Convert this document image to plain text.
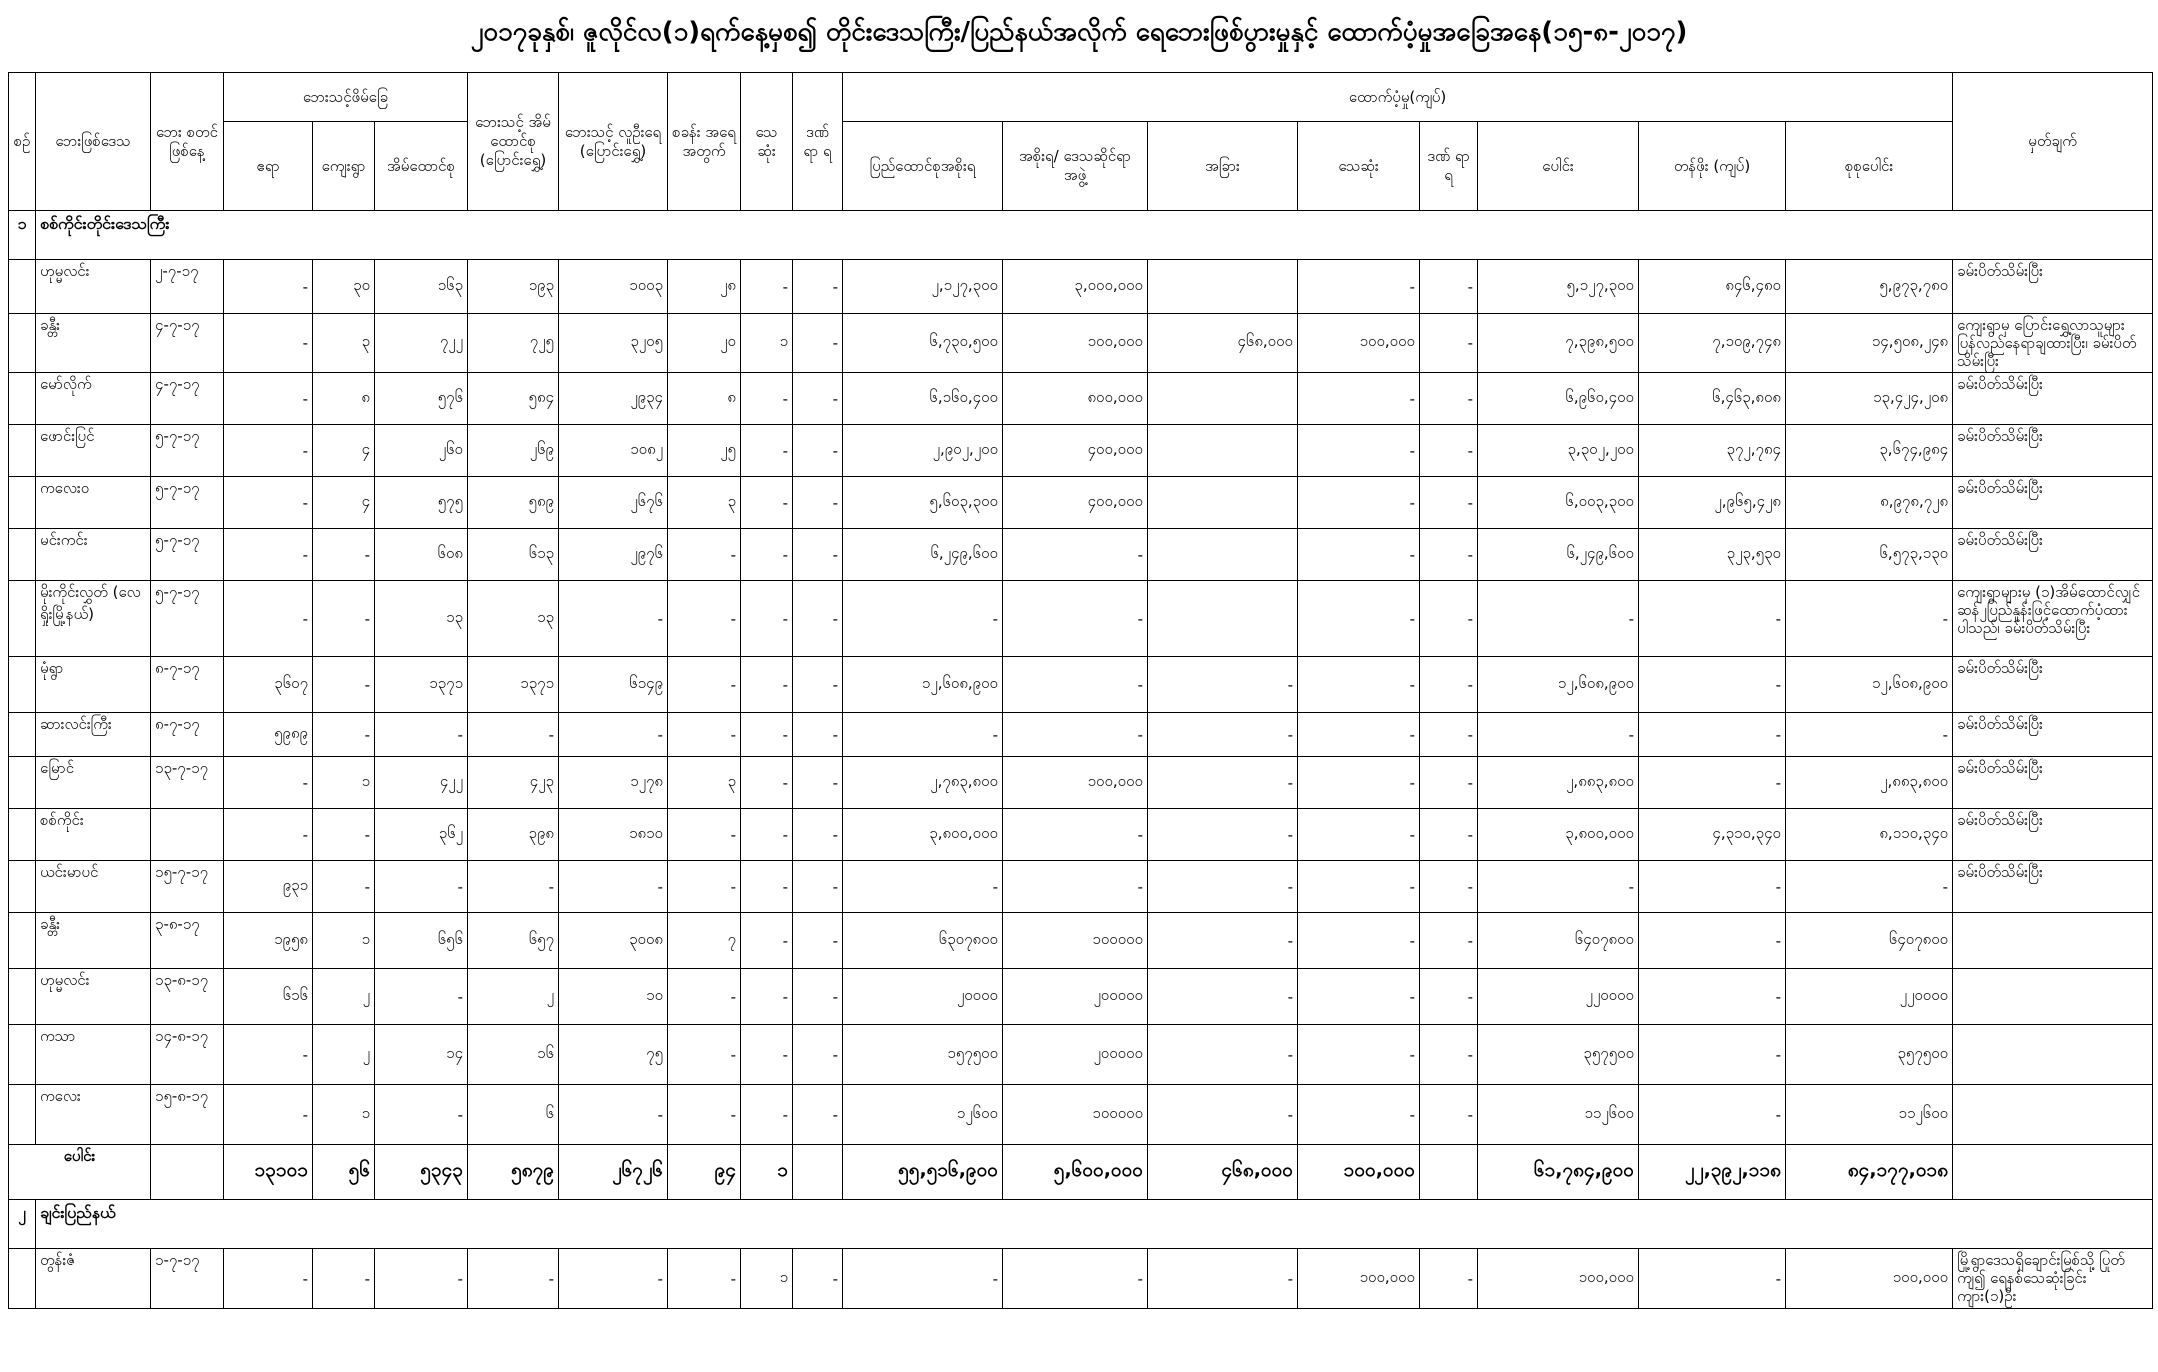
၂၀၁၇ခုနှစ်၊ ဇူလိုင်လ(၁)ရက်နေ့မှစ၍ တိုင်းဒေသကြီး/ပြည်နယ်အလိုက် ရေဘေးဖြစ်ပွားမှုနှင့် ထောက်ပံ့မှုအခြေအနေ(၁၅-၈-၂၀၁၇)
စဉ်	ဘေးဖြစ်ဒေသ	ဘေး စတင် ဖြစ်နေ့	ဘေးသင့်ဖိမ်ခြေ			ဘေးသင့် အိမ် ထောင်စု (ပြောင်းရွှေ့)	ဘေးသင့် လူဦးရေ (ပြောင်းရွှေ့)	စခန်း အရေ အတွက်	သေ ဆုံး	ဒဏ် ရာ ရ	ထောက်ပံ့မှု(ကျပ်)								မှတ်ချက်
			ဧရာ	ကျေးရွာ	အိမ်ထောင်စု						ပြည်ထောင်စုအစိုးရ	အစိုးရ/ ဒေသဆိုင်ရာ အဖွဲ့	အခြား	သေဆုံး	ဒဏ် ရာ ရ	ပေါင်း	တန်ဖိုး (ကျပ်)	စုစုပေါင်း	
၁	စစ်ကိုင်းတိုင်းဒေသကြီး																		
	ဟုမ္မလင်း	၂-၇-၁၇	-	၃၀	၁၆၃	၁၉၃	၁၀၀၃	၂၈	-	-	၂,၁၂၇,၃၀၀	၃,၀၀၀,၀၀၀		-	-	၅,၁၂၇,၃၀၀	၈၄၆,၄၈၀	၅,၉၇၃,၇၈၀	ခမ်းပိတ်သိမ်းပြီး
	ခန္တီး	၄-၇-၁၇	-	၃	၇၂၂	၇၂၅	၃၂၀၅	၂၀	၁	-	၆,၇၃၀,၅၀၀	၁၀၀,၀၀၀	၄၆၈,၀၀၀	၁၀၀,၀၀၀	-	၇,၃၉၈,၅၀၀	၇,၁၀၉,၇၄၈	၁၄,၅၀၈,၂၄၈	ကျေးရွာမှ ပြောင်းရွှေ့လာသူများ ပြန်လည်နေရာချထားပြီး၊ ခမ်းပိတ်သိမ်းပြီး
	မော်လိုက်	၄-၇-၁၇	-	၈	၅၇၆	၅၈၄	၂၉၃၄	၈	-	-	၆,၁၆၀,၄၀၀	၈၀၀,၀၀၀		-	-	၆,၉၆၀,၄၀၀	၆,၄၆၃,၈၀၈	၁၃,၄၂၄,၂၀၈	ခမ်းပိတ်သိမ်းပြီး
	ဖောင်းပြင်	၅-၇-၁၇	-	၄	၂၆၀	၂၆၉	၁၀၈၂	၂၅	-	-	၂,၉၀၂,၂၀၀	၄၀၀,၀၀၀		-	-	၃,၃၀၂,၂၀၀	၃၇၂,၇၈၄	၃,၆၇၄,၉၈၄	ခမ်းပိတ်သိမ်းပြီး
	ကလေးဝ	၅-၇-၁၇	-	၄	၅၇၅	၅၈၉	၂၆၇၆	၃	-	-	၅,၆၀၃,၃၀၀	၄၀၀,၀၀၀		-	-	၆,၀၀၃,၃၀၀	၂,၉၆၅,၄၂၈	၈,၉၇၈,၇၂၈	ခမ်းပိတ်သိမ်းပြီး
	မင်းကင်း	၅-၇-၁၇	-	-	၆၀၈	၆၁၃	၂၉၇၆	-	-	-	၆,၂၄၉,၆၀၀	-		-	-	၆,၂၄၉,၆၀၀	၃၂၃,၅၃၀	၆,၅၇၃,၁၃၀	ခမ်းပိတ်သိမ်းပြီး
	မိုးကိုင်းလွှတ် (လေရှိုးမြို့နယ်)	၅-၇-၁၇	-	-	၁၃	၁၃	-	-	-	-	-	-		-	-	-	-	-	ကျေးရွာများမှ (၁)အိမ်ထောင်လျှင် ဆန်၂ပြည်နှုန်းဖြင့်ထောက်ပံ့ထားပါသည်၊ ခမ်းပိတ်သိမ်းပြီး
	မုံရွာ	၈-၇-၁၇	၃၆၀၇	-	၁၃၇၁	၁၃၇၁	၆၁၄၉	-	-	-	၁၂,၆၀၈,၉၀၀	-	-	-	-	၁၂,၆၀၈,၉၀၀	-	၁၂,၆၀၈,၉၀၀	ခမ်းပိတ်သိမ်းပြီး
	ဆားလင်းကြီး	၈-၇-၁၇	၅၉၈၉	-	-	-	-	-	-	-	-	-	-	-	-	-	-	-	ခမ်းပိတ်သိမ်းပြီး
	မြောင်	၁၃-၇-၁၇	-	၁	၄၂၂	၄၂၃	၁၂၇၈	၃	-	-	၂,၇၈၃,၈၀၀	၁၀၀,၀၀၀	-	-	-	၂,၈၈၃,၈၀၀	-	၂,၈၈၃,၈၀၀	ခမ်းပိတ်သိမ်းပြီး
	စစ်ကိုင်း		-	-	၃၆၂	၃၉၈	၁၈၁၀	-	-	-	၃,၈၀၀,၀၀၀	-	-	-	-	၃,၈၀၀,၀၀၀	၄,၃၁၀,၃၄၀	၈,၁၁၀,၃၄၀	ခမ်းပိတ်သိမ်းပြီး
	ယင်းမာပင်	၁၅-၇-၁၇	၉၃၁	-	-	-	-	-	-	-	-	-	-	-	-	-	-	-	ခမ်းပိတ်သိမ်းပြီး
	ခန္တီး	၃-၈-၁၇	၁၉၅၈	၁	၆၅၆	၆၅၇	၃၀၀၈	၇	-	-	၆၃၀၇၈၀၀	၁၀၀၀၀၀	-	-	-	၆၄၀၇၈၀၀	-	၆၄၀၇၈၀၀	
	ဟုမ္မလင်း	၁၃-၈-၁၇	၆၁၆	၂	-	၂	၁၀	-	-	-	၂၀၀၀၀	၂၀၀၀၀၀	-	-	-	၂၂၀၀၀၀	-	၂၂၀၀၀၀	
	ကသာ	၁၄-၈-၁၇	-	၂	၁၄	၁၆	၇၅	-	-	-	၁၅၇၅၀၀	၂၀၀၀၀၀	-	-	-	၃၅၇၅၀၀	-	၃၅၇၅၀၀	
	ကလေး	၁၅-၈-၁၇	-	၁	-	၆	-	-	-	-	၁၂၆၀၀	၁၀၀၀၀၀	-	-	-	၁၁၂၆၀၀	-	၁၁၂၆၀၀	
ပေါင်း			၁၃၁၀၁	၅၆	၅၃၄၃	၅၈၇၉	၂၆၇၂၆	၉၄	၁		၅၅,၅၁၆,၉၀၀	၅,၆၀၀,၀၀၀	၄၆၈,၀၀၀	၁၀၀,၀၀၀		၆၁,၇၈၄,၉၀၀	၂၂,၃၉၂,၁၁၈	၈၄,၁၇၇,၀၁၈	
၂	ချင်းပြည်နယ်																		
	တွန်းဇံ	၁-၇-၁၇	-	-	-	-	-	-	၁	-	-	-	-	၁၀၀,၀၀၀	-	၁၀၀,၀၀၀	-	၁၀၀,၀၀၀	မြို့ရွာဒေသရှိချောင်းမြစ်သို့ ပြုတ်ကျ၍ ရေနစ်သေဆုံးခြင်း ကျား(၁)ဦး
